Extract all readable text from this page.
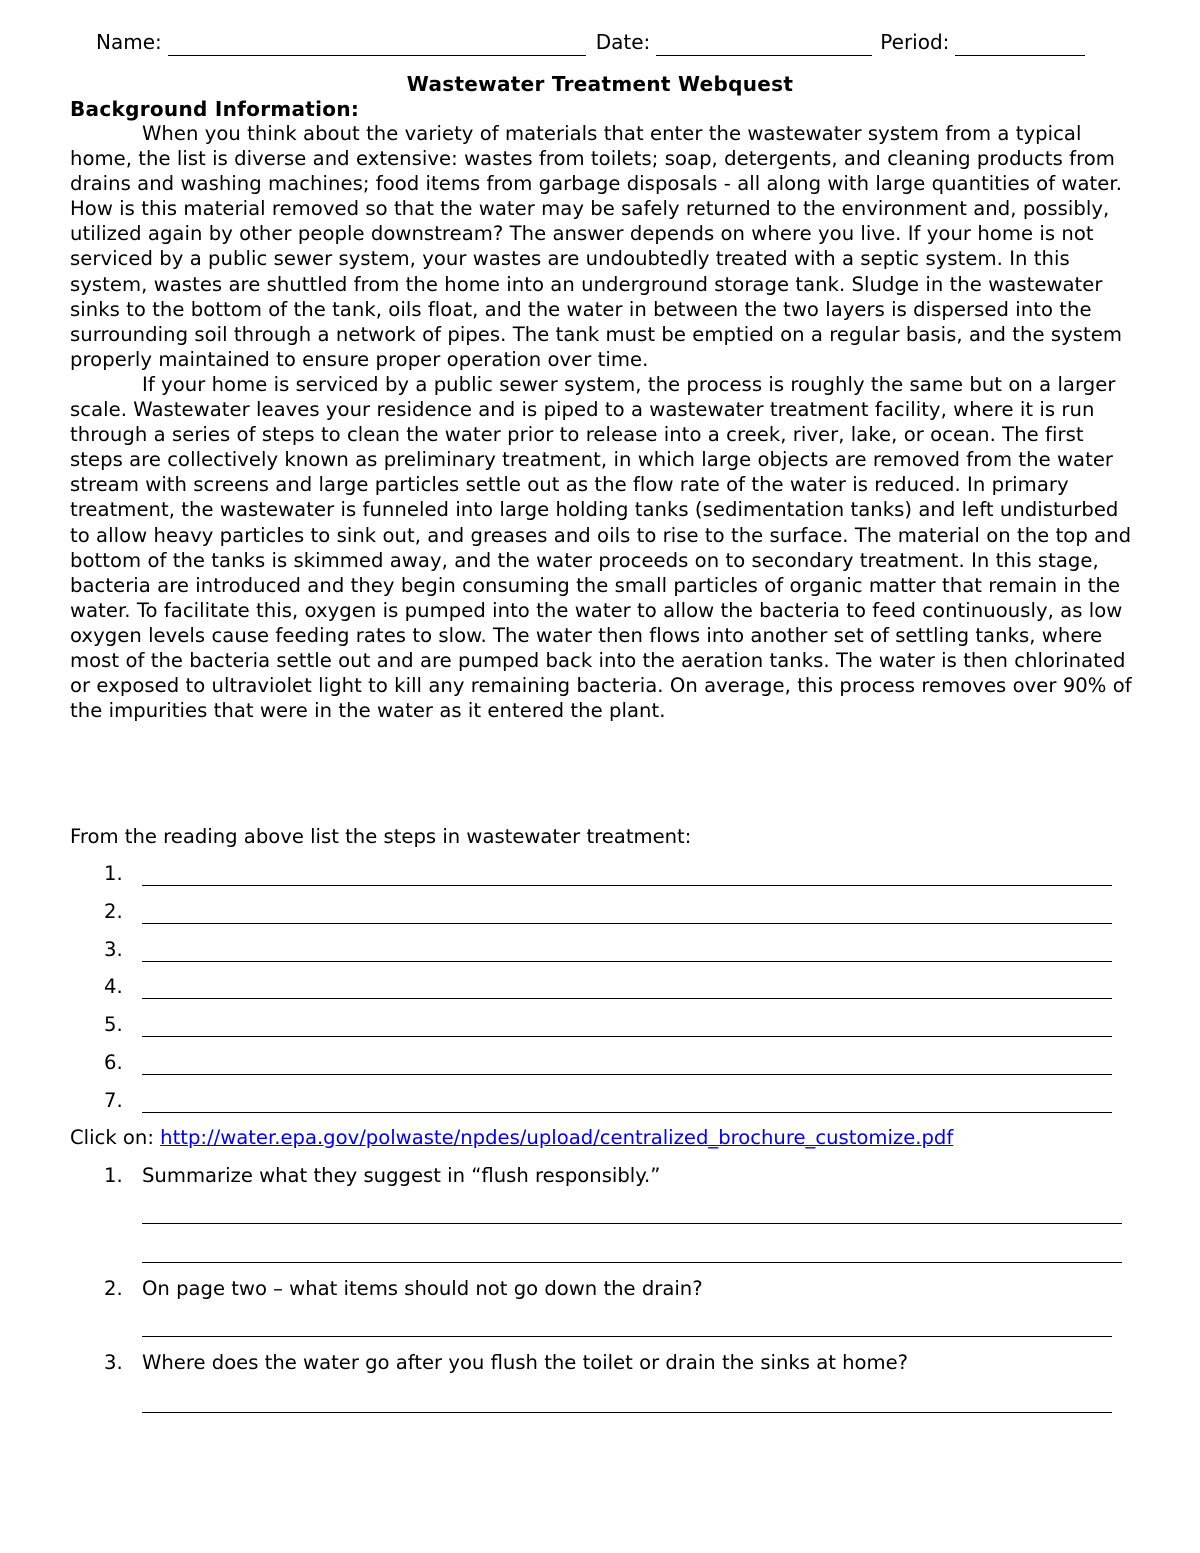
Name:	Date:	Period:
Wastewater Treatment Webquest
Background Information:

When you think about the variety of materials that enter the wastewater system from a typical home, the list is diverse and extensive: wastes from toilets; soap, detergents, and cleaning products from drains and washing machines; food items from garbage disposals - all along with large quantities of water. How is this material removed so that the water may be safely returned to the environment and, possibly, utilized again by other people downstream? The answer depends on where you live. If your home is not serviced by a public sewer system, your wastes are undoubtedly treated with a septic system. In this system, wastes are shuttled from the home into an underground storage tank. Sludge in the wastewater sinks to the bottom of the tank, oils float, and the water in between the two layers is dispersed into the surrounding soil through a network of pipes. The tank must be emptied on a regular basis, and the system properly maintained to ensure proper operation over time.

If your home is serviced by a public sewer system, the process is roughly the same but on a larger scale. Wastewater leaves your residence and is piped to a wastewater treatment facility, where it is run through a series of steps to clean the water prior to release into a creek, river, lake, or ocean. The first steps are collectively known as preliminary treatment, in which large objects are removed from the water stream with screens and large particles settle out as the flow rate of the water is reduced. In primary treatment, the wastewater is funneled into large holding tanks (sedimentation tanks) and left undisturbed to allow heavy particles to sink out, and greases and oils to rise to the surface. The material on the top and bottom of the tanks is skimmed away, and the water proceeds on to secondary treatment. In this stage, bacteria are introduced and they begin consuming the small particles of organic matter that remain in the water. To facilitate this, oxygen is pumped into the water to allow the bacteria to feed continuously, as low oxygen levels cause feeding rates to slow. The water then flows into another set of settling tanks, where most of the bacteria settle out and are pumped back into the aeration tanks. The water is then chlorinated or exposed to ultraviolet light to kill any remaining bacteria. On average, this process removes over 90% of the impurities that were in the water as it entered the plant.

From the reading above list the steps in wastewater treatment:
1.
2.
3.
4.
5.
6.
7.
Click on: http://water.epa.gov/polwaste/npdes/upload/centralized_brochure_customize.pdf
1. Summarize what they suggest in “flush responsibly.”
2. On page two – what items should not go down the drain?
3. Where does the water go after you flush the toilet or drain the sinks at home?
